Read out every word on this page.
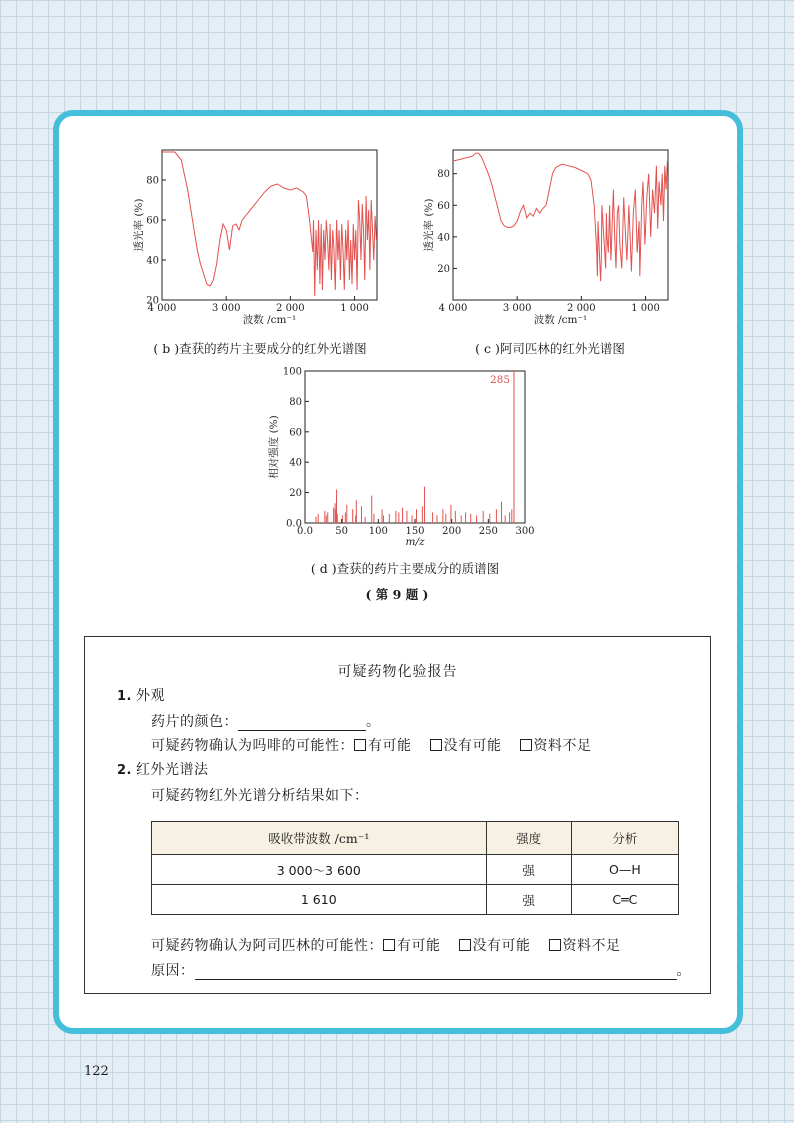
4 000	3 000	2 000	1 000
20
40
60
80
波数 /cm⁻¹
透光率 (%)
( b )查获的药片主要成分的红外光谱图
4 000	3 000	2 000	1 000
20
40
60
80
波数 /cm⁻¹
透光率 (%)
( c )阿司匹林的红外光谱图
0.0 50 100 150 200 250 300
0.0
20
40
60
80
100
285
m/z
相对强度 (%)
( d )查获的药片主要成分的质谱图
( 第 9 题 )
可疑药物化验报告
1. 外观
药片的颜色：	。
可疑药物确认为吗啡的可能性： 有可能 没有可能 资料不足
2. 红外光谱法
可疑药物红外光谱分析结果如下：
吸收带波数 /cm⁻¹	强度	分析
3 000～3 600	强	O—H
1 610	强	C═C
可疑药物确认为阿司匹林的可能性： 有可能 没有可能 资料不足
原因：	。
122
